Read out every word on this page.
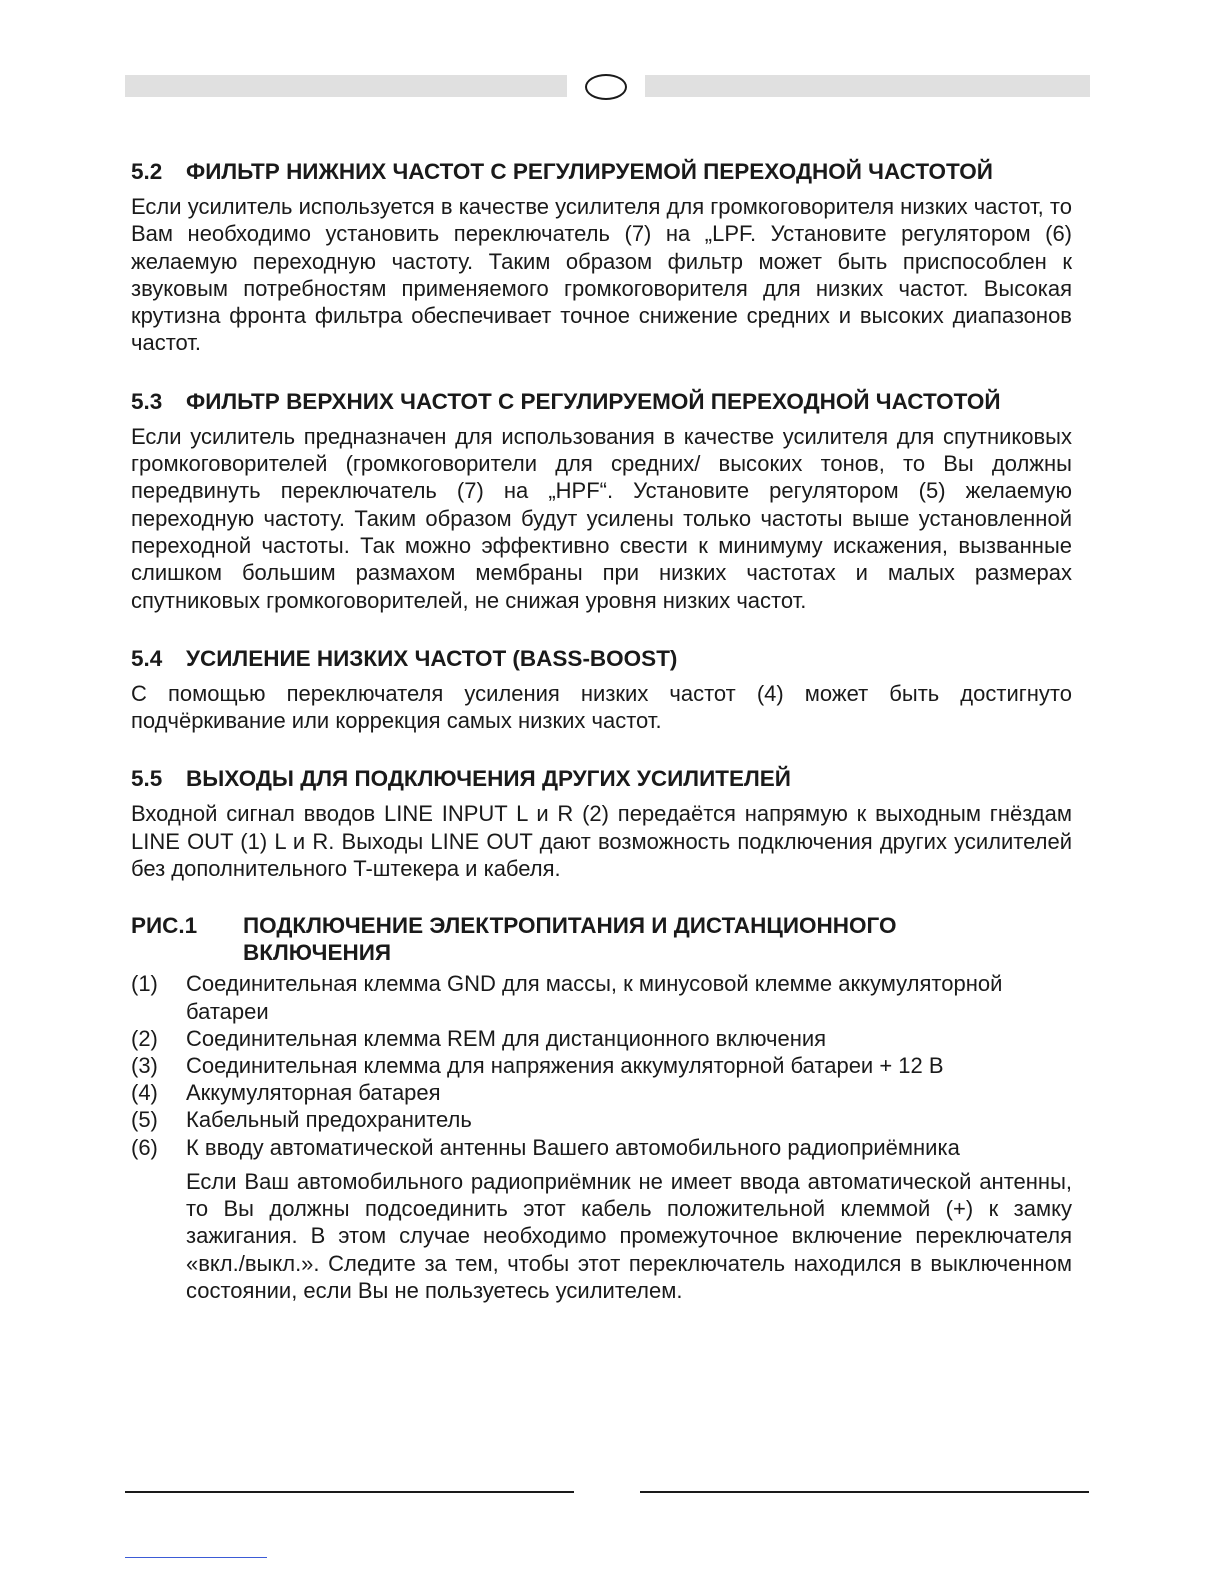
5.2	ФИЛЬТР НИЖНИХ ЧАСТОТ С РЕГУЛИРУЕМОЙ ПЕРЕХОДНОЙ ЧАСТОТОЙ

Если усилитель используется в качестве усилителя для громкоговорителя низких частот, то Вам необходимо установить переключатель (7) на „LPF. Установите регулятором (6) желаемую переходную частоту. Таким образом фильтр может быть приспособлен к звуковым потребностям применяемого громкоговорителя для низких частот. Высокая крутизна фронта фильтра обеспечивает точное снижение средних и высоких диапазонов частот.

5.3	ФИЛЬТР ВЕРХНИХ ЧАСТОТ С РЕГУЛИРУЕМОЙ ПЕРЕХОДНОЙ ЧАСТОТОЙ

Если усилитель предназначен для использования в качестве усилителя для спутниковых громкоговорителей (громкоговорители для средних/ высоких тонов, то Вы должны передвинуть переключатель (7) на „HPF“. Установите регулятором (5) желаемую переходную частоту. Таким образом будут усилены только частоты выше установленной переходной частоты. Так можно эффективно свести к минимуму искажения, вызванные слишком большим размахом мембраны при низких частотах и малых размерах спутниковых громкоговорителей, не снижая уровня низких частот.

5.4	УСИЛЕНИЕ НИЗКИХ ЧАСТОТ (BASS-BOOST)

С помощью переключателя усиления низких частот (4) может быть достигнуто подчёркивание или коррекция самых низких частот.

5.5	ВЫХОДЫ ДЛЯ ПОДКЛЮЧЕНИЯ ДРУГИХ УСИЛИТЕЛЕЙ

Входной сигнал вводов LINE INPUT L и R (2) передаётся напрямую к выходным гнёздам LINE OUT (1) L и R. Выходы LINE OUT дают возможность подключения других усилителей без дополнительного T-штекера и кабеля.

РИС.1	ПОДКЛЮЧЕНИЕ ЭЛЕКТРОПИТАНИЯ И ДИСТАНЦИОННОГО
ВКЛЮЧЕНИЯ
(1)	Соединительная клемма GND для массы, к минусовой клемме аккумуляторной батареи
(2)	Соединительная клемма REM для дистанционного включения
(3)	Соединительная клемма для напряжения аккумуляторной батареи + 12 В
(4)	Аккумуляторная батарея
(5)	Кабельный предохранитель
(6)	К вводу автоматической антенны Вашего автомобильного радиоприёмника

Если Ваш автомобильного радиоприёмник не имеет ввода автоматической антенны, то Вы должны подсоединить этот кабель положительной клеммой (+) к замку зажигания. В этом случае необходимо промежуточное включение переключателя «вкл./выкл.». Следите за тем, чтобы этот переключатель находился в выключенном состоянии, если Вы не пользуетесь усилителем.
